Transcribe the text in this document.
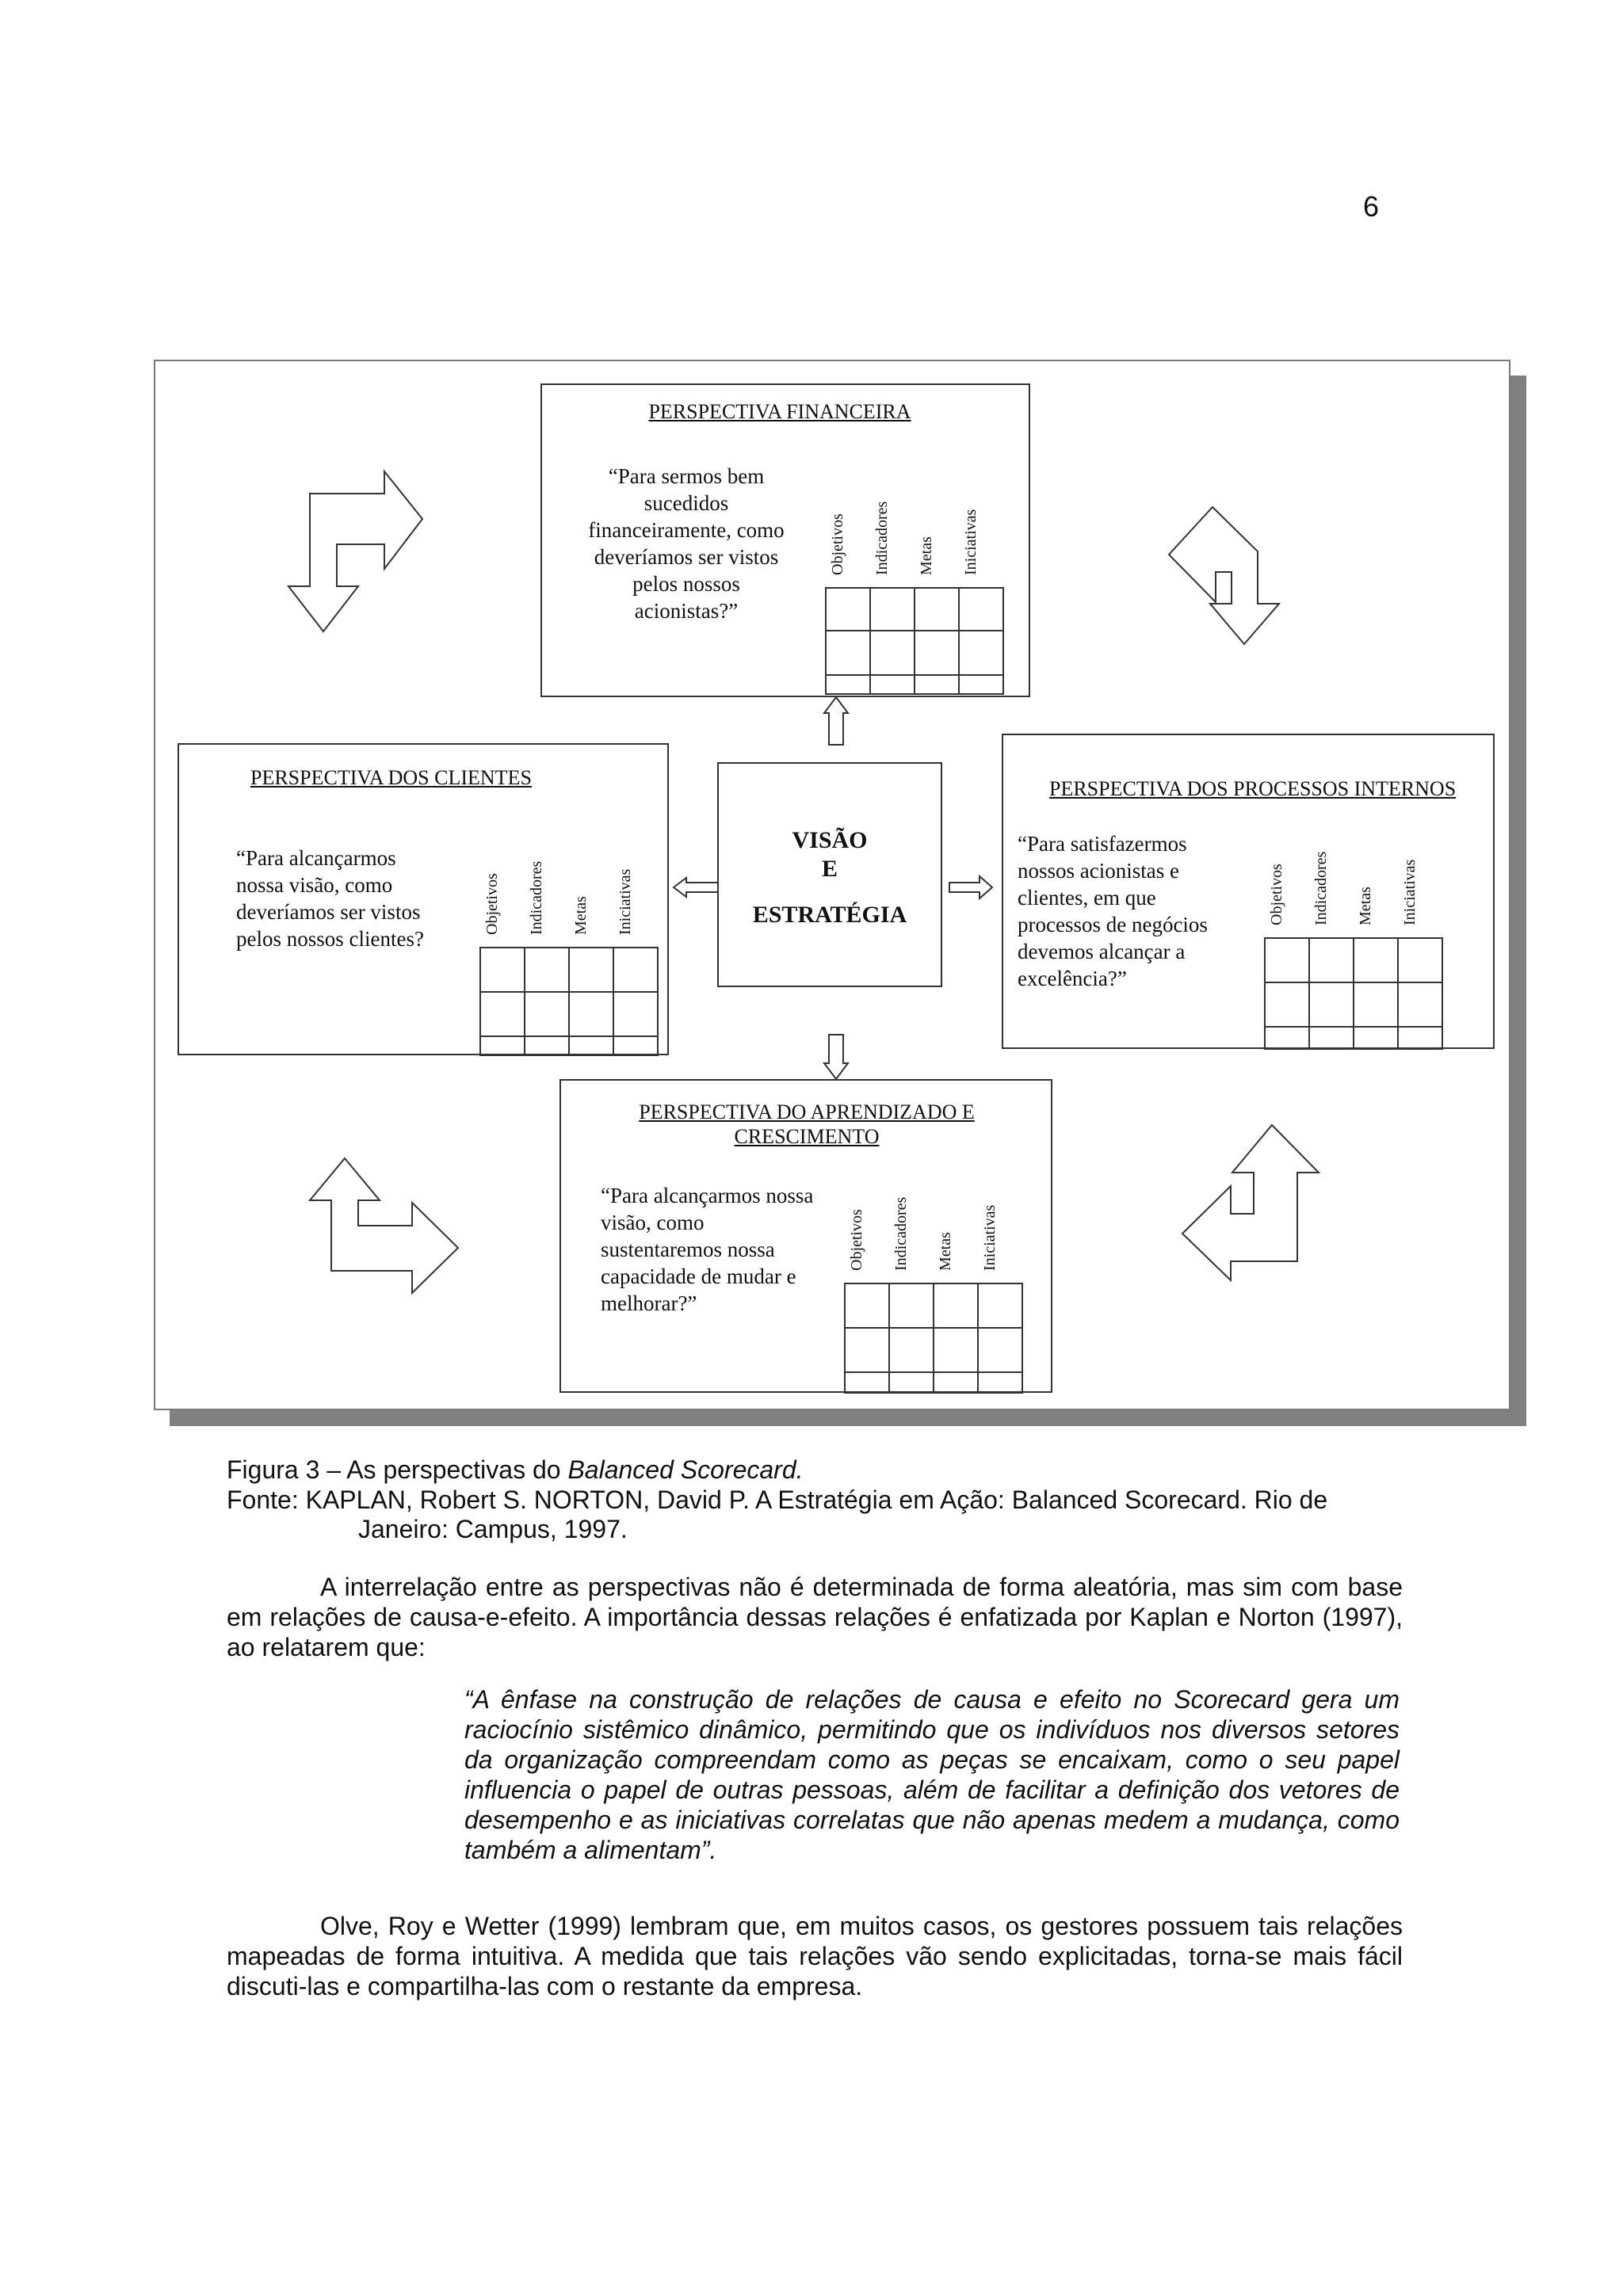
6
PERSPECTIVA FINANCEIRA
“Para sermos bem sucedidos financeiramente, como deveríamos ser vistos pelos nossos acionistas?”
Objetivos Indicadores Metas Iniciativas
PERSPECTIVA DOS CLIENTES
“Para alcançarmos nossa visão, como deveríamos ser vistos pelos nossos clientes?
Objetivos Indicadores Metas Iniciativas
VISÃO
E
ESTRATÉGIA
PERSPECTIVA DOS PROCESSOS INTERNOS
“Para satisfazermos nossos acionistas e clientes, em que processos de negócios devemos alcançar a excelência?”
Objetivos Indicadores Metas Iniciativas
PERSPECTIVA DO APRENDIZADO E CRESCIMENTO
“Para alcançarmos nossa visão, como sustentaremos nossa capacidade de mudar e melhorar?”
Objetivos Indicadores Metas Iniciativas
Figura 3 – As perspectivas do Balanced Scorecard.
Fonte: KAPLAN, Robert S. NORTON, David P. A Estratégia em Ação: Balanced Scorecard. Rio de
Janeiro: Campus, 1997.
A interrelação entre as perspectivas não é determinada de forma aleatória, mas sim com base em relações de causa-e-efeito. A importância dessas relações é enfatizada por Kaplan e Norton (1997), ao relatarem que:
“A ênfase na construção de relações de causa e efeito no Scorecard gera um raciocínio sistêmico dinâmico, permitindo que os indivíduos nos diversos setores da organização compreendam como as peças se encaixam, como o seu papel influencia o papel de outras pessoas, além de facilitar a definição dos vetores de desempenho e as iniciativas correlatas que não apenas medem a mudança, como também a alimentam”.
Olve, Roy e Wetter (1999) lembram que, em muitos casos, os gestores possuem tais relações mapeadas de forma intuitiva. A medida que tais relações vão sendo explicitadas, torna-se mais fácil discuti-las e compartilha-las com o restante da empresa.
